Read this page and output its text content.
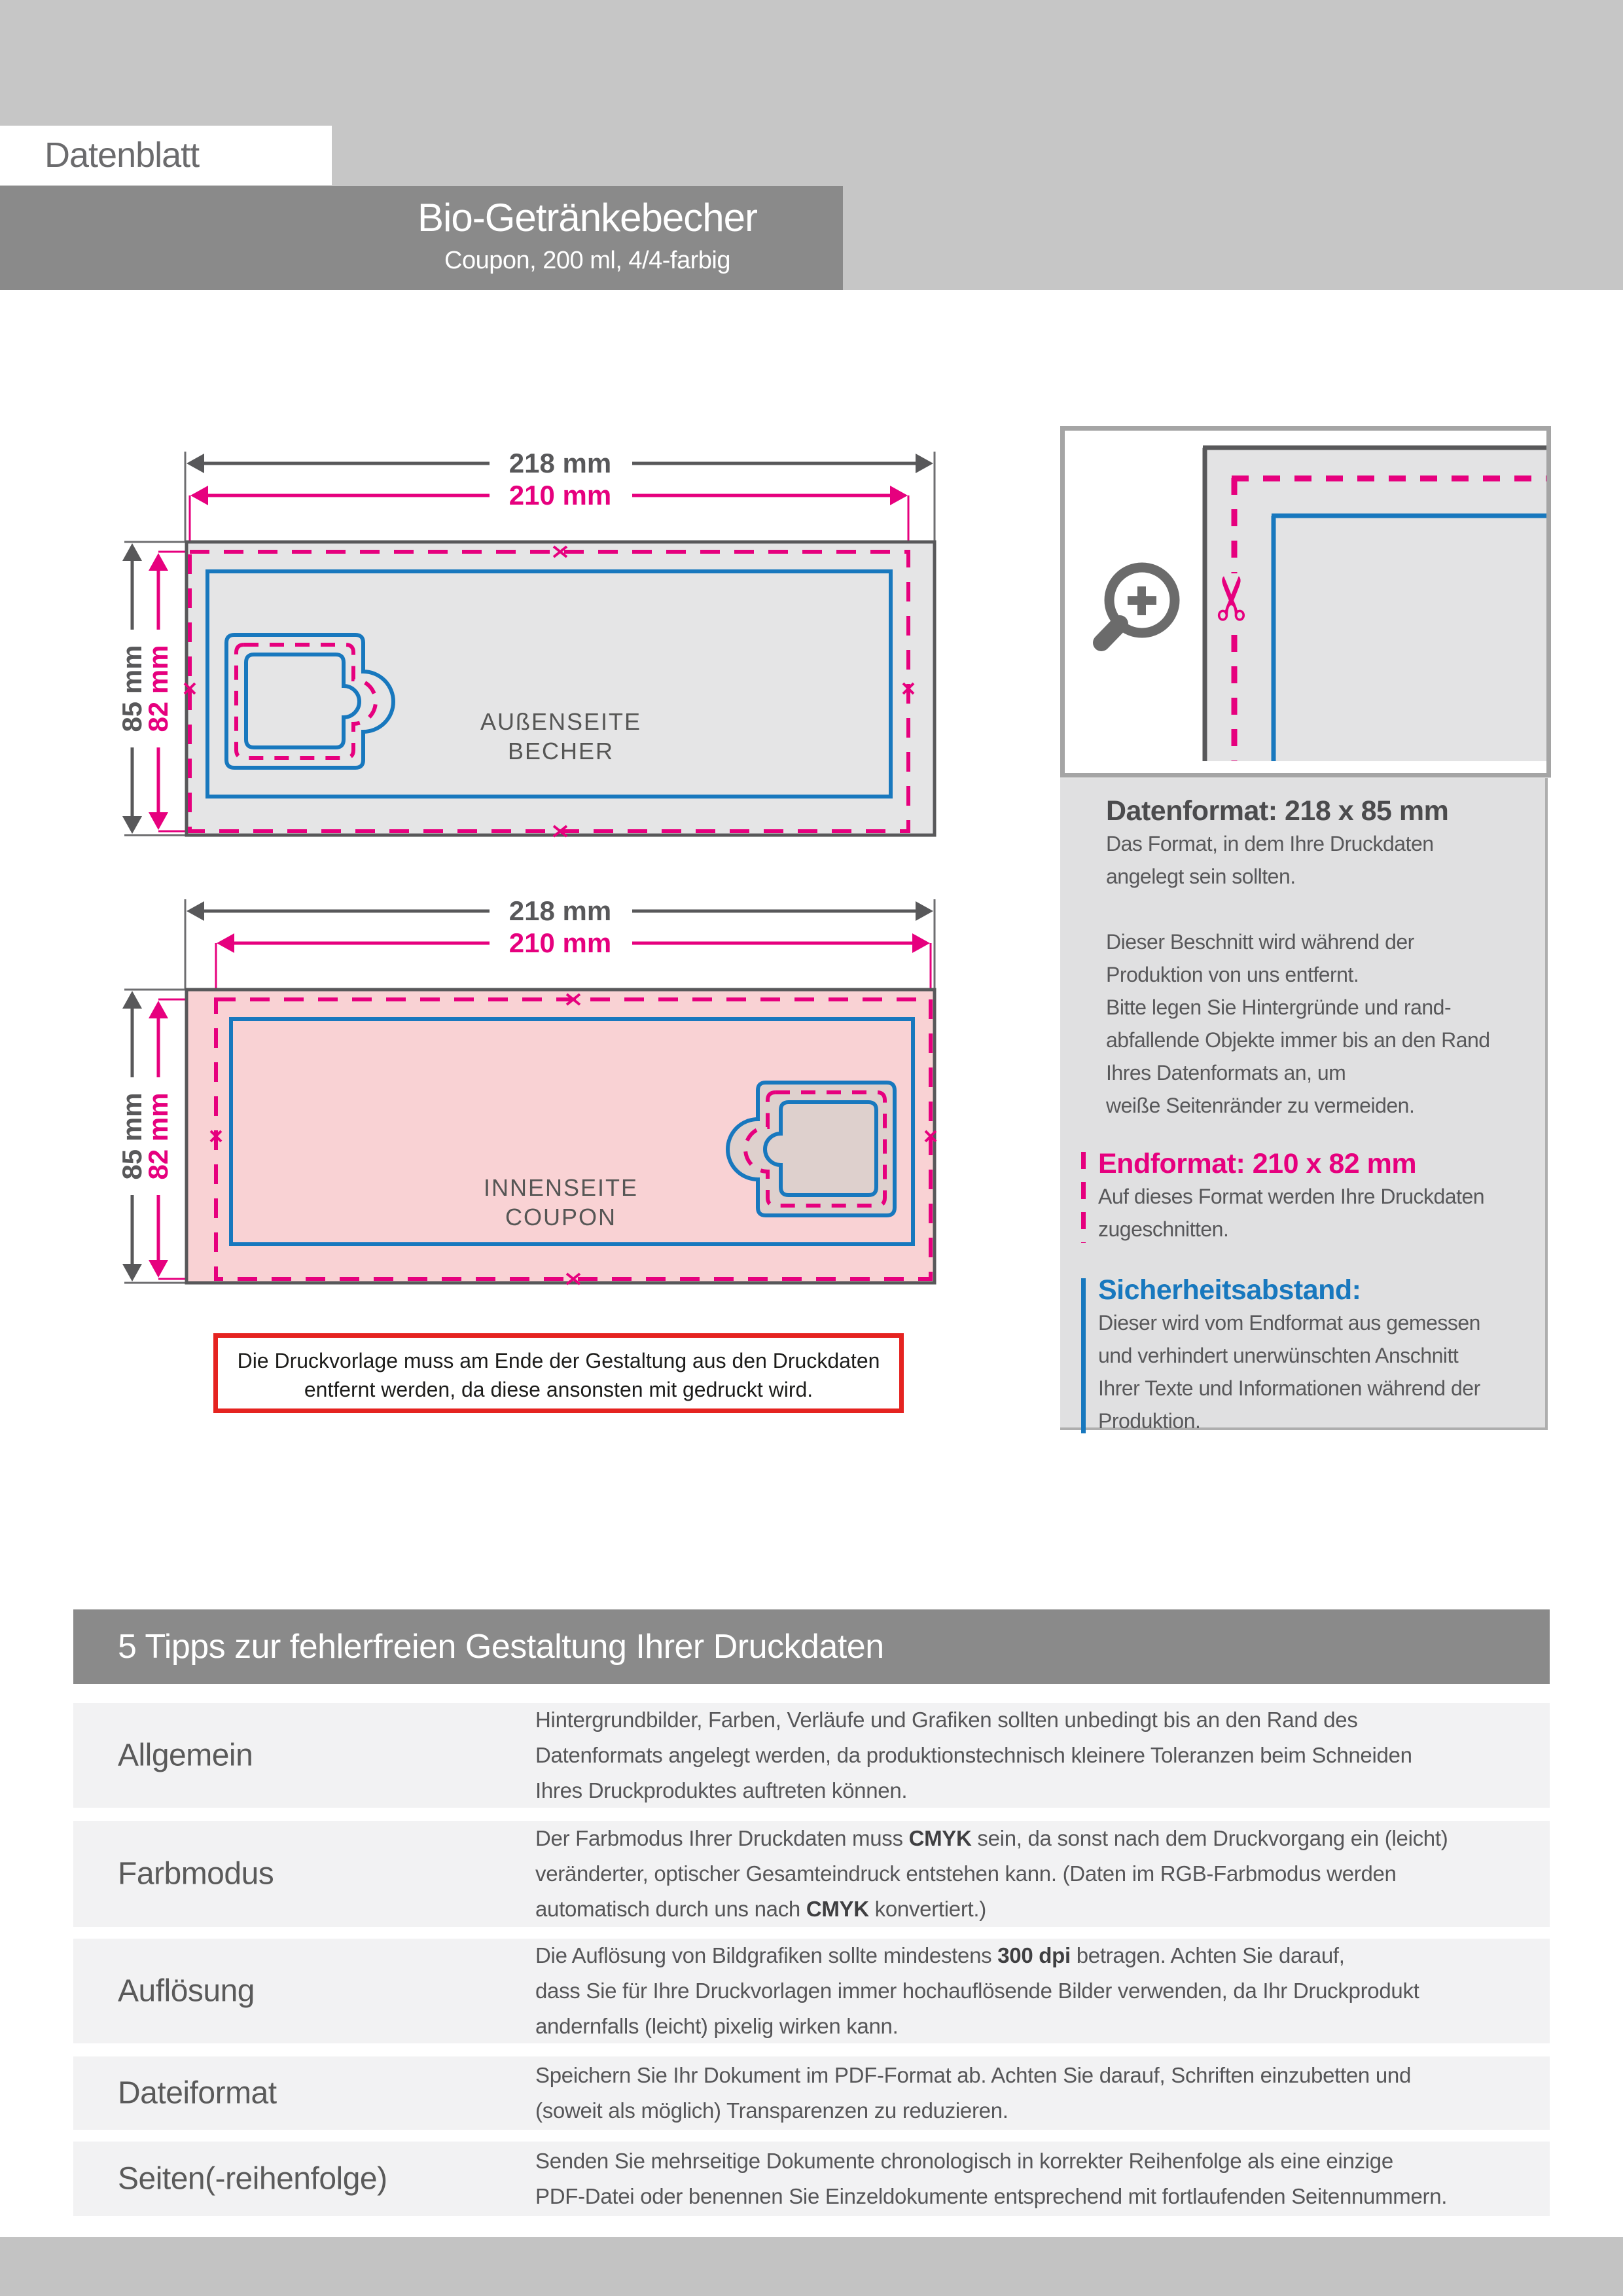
Datenblatt
Bio-Getränkebecher
Coupon, 200 ml, 4/4-farbig
218 mm
85 mm
210 mm
82 mm	AUßENSEITE
BECHER
218 mm
85 mm
210 mm
82 mm
INNENSEITE
COUPON
Die Druckvorlage muss am Ende der Gestaltung aus den Druckdaten
entfernt werden, da diese ansonsten mit gedruckt wird.
✂
Datenformat: 218 x 85 mm
Das Format, in dem Ihre Druckdaten
angelegt sein sollten.
Dieser Beschnitt wird während der
Produktion von uns entfernt.
Bitte legen Sie Hintergründe und rand-
abfallende Objekte immer bis an den Rand
Ihres Datenformats an, um
weiße Seitenränder zu vermeiden.
Endformat: 210 x 82 mm
Auf dieses Format werden Ihre Druckdaten
zugeschnitten.
Sicherheitsabstand:
Dieser wird vom Endformat aus gemessen
und verhindert unerwünschten Anschnitt
Ihrer Texte und Informationen während der
Produktion.
5 Tipps zur fehlerfreien Gestaltung Ihrer Druckdaten
Allgemein
Hintergrundbilder, Farben, Verläufe und Grafiken sollten unbedingt bis an den Rand des
Datenformats angelegt werden, da produktionstechnisch kleinere Toleranzen beim Schneiden
Ihres Druckproduktes auftreten können.
Farbmodus
Der Farbmodus Ihrer Druckdaten muss CMYK sein, da sonst nach dem Druckvorgang ein (leicht)
veränderter, optischer Gesamteindruck entstehen kann. (Daten im RGB-Farbmodus werden
automatisch durch uns nach CMYK konvertiert.)
Auflösung
Die Auflösung von Bildgrafiken sollte mindestens 300 dpi betragen. Achten Sie darauf,
dass Sie für Ihre Druckvorlagen immer hochauflösende Bilder verwenden, da Ihr Druckprodukt
andernfalls (leicht) pixelig wirken kann.
Dateiformat
Speichern Sie Ihr Dokument im PDF-Format ab. Achten Sie darauf, Schriften einzubetten und
(soweit als möglich) Transparenzen zu reduzieren.
Seiten(-reihenfolge)
Senden Sie mehrseitige Dokumente chronologisch in korrekter Reihenfolge als eine einzige
PDF-Datei oder benennen Sie Einzeldokumente entsprechend mit fortlaufenden Seitennummern.
